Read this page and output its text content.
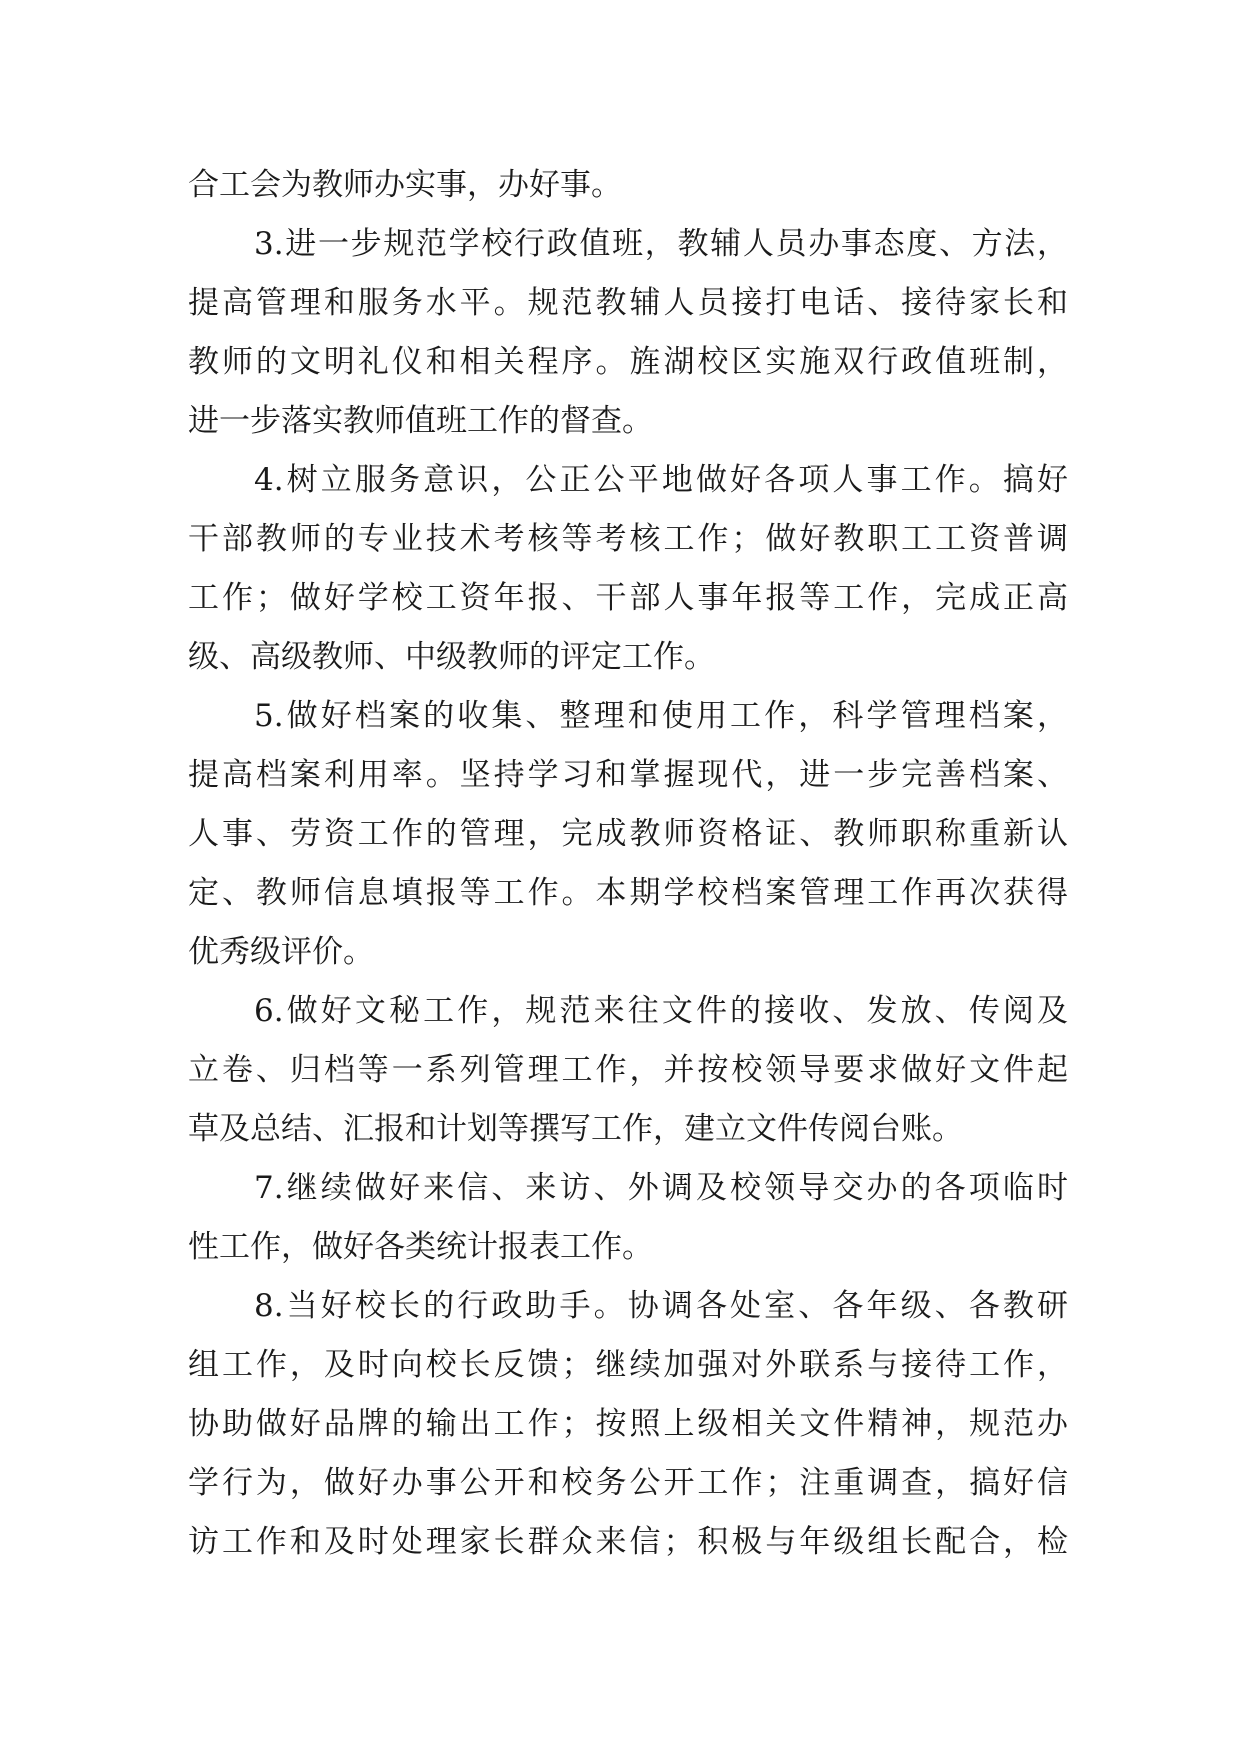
合工会为教师办实事，办好事。
3.进一步规范学校行政值班，教辅人员办事态度、方法，
提高管理和服务水平。规范教辅人员接打电话、接待家长和
教师的文明礼仪和相关程序。旌湖校区实施双行政值班制，
进一步落实教师值班工作的督查。
4.树立服务意识，公正公平地做好各项人事工作。搞好
干部教师的专业技术考核等考核工作；做好教职工工资普调
工作；做好学校工资年报、干部人事年报等工作，完成正高
级、高级教师、中级教师的评定工作。
5.做好档案的收集、整理和使用工作，科学管理档案，
提高档案利用率。坚持学习和掌握现代，进一步完善档案、
人事、劳资工作的管理，完成教师资格证、教师职称重新认
定、教师信息填报等工作。本期学校档案管理工作再次获得
优秀级评价。
6.做好文秘工作，规范来往文件的接收、发放、传阅及
立卷、归档等一系列管理工作，并按校领导要求做好文件起
草及总结、汇报和计划等撰写工作，建立文件传阅台账。
7.继续做好来信、来访、外调及校领导交办的各项临时
性工作，做好各类统计报表工作。
8.当好校长的行政助手。协调各处室、各年级、各教研
组工作，及时向校长反馈；继续加强对外联系与接待工作，
协助做好品牌的输出工作；按照上级相关文件精神，规范办
学行为，做好办事公开和校务公开工作；注重调查，搞好信
访工作和及时处理家长群众来信；积极与年级组长配合，检
